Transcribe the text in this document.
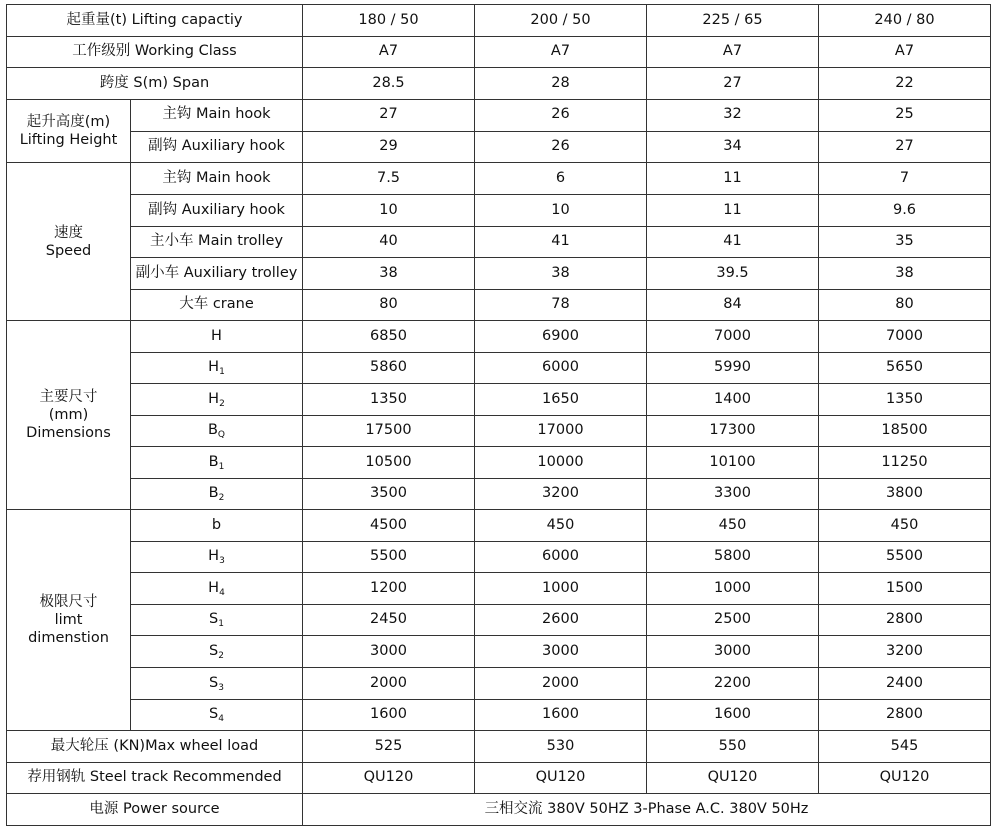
起重量(t) Lifting capactiy		180 / 50	200 / 50	225 / 65	240 / 80
工作级别 Working Class		A7	A7	A7	A7
跨度 S(m) Span		28.5	28	27	22

起升高度(m)
Lifting Height	主钩 Main hook	27	26	32	25
	副钩 Auxiliary hook	29	26	34	27

速度
Speed	主钩 Main hook	7.5	6	11	7
	副钩 Auxiliary hook	10	10	11	9.6
	主小车 Main trolley	40	41	41	35
	副小车 Auxiliary trolley	38	38	39.5	38
	大车 crane	80	78	84	80

主要尺寸
(mm)
Dimensions	H	6850	6900	7000	7000
	$H_1$	5860	6000	5990	5650
	$H_2$	1350	1650	1400	1350
	$B_Q$	17500	17000	17300	18500
	$B_1$	10500	10000	10100	11250
	$B_2$	3500	3200	3300	3800

极限尺寸
limt
dimenstion	b	4500	450	450	450
	$H_3$	5500	6000	5800	5500
	$H_4$	1200	1000	1000	1500
	$S_1$	2450	2600	2500	2800
	$S_2$	3000	3000	3000	3200
	$S_3$	2000	2000	2200	2400
	$S_4$	1600	1600	1600	2800
最大轮压 (KN)Max wheel load		525	530	550	545
荐用钢轨 Steel track Recommended		QU120	QU120	QU120	QU120
电源 Power source		三相交流 380V 50HZ 3-Phase A.C. 380V 50Hz			
